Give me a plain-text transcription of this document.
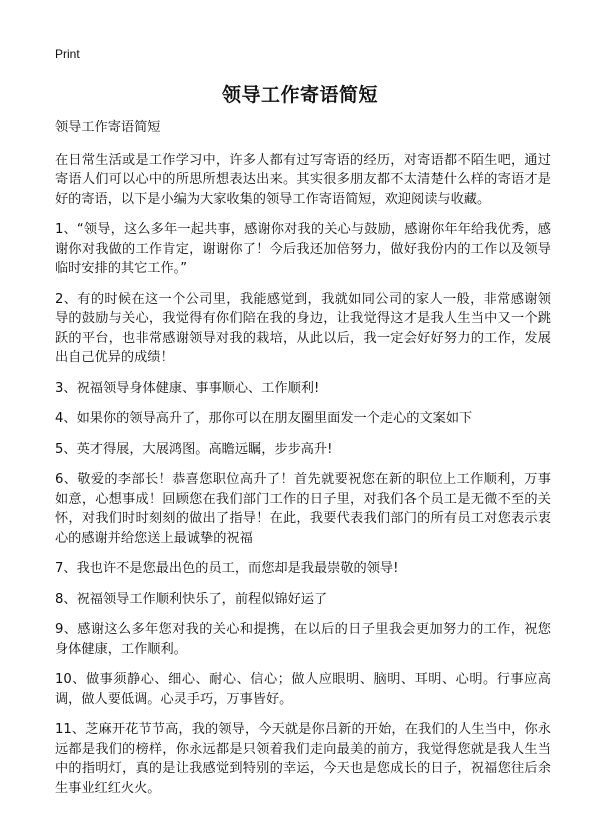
Print
领导工作寄语简短

领导工作寄语简短

在日常生活或是工作学习中，许多人都有过写寄语的经历，对寄语都不陌生吧，通过寄语人们可以心中的所思所想表达出来。其实很多朋友都不太清楚什么样的寄语才是好的寄语，以下是小编为大家收集的领导工作寄语简短，欢迎阅读与收藏。

1、“领导，这么多年一起共事，感谢你对我的关心与鼓励，感谢你年年给我优秀，感谢你对我做的工作肯定，谢谢你了！今后我还加倍努力，做好我份内的工作以及领导临时安排的其它工作。”

2、有的时候在这一个公司里，我能感觉到，我就如同公司的家人一般，非常感谢领导的鼓励与关心，我觉得有你们陪在我的身边，让我觉得这才是我人生当中又一个跳跃的平台，也非常感谢领导对我的栽培，从此以后，我一定会好好努力的工作，发展出自己优异的成绩！

3、祝福领导身体健康、事事顺心、工作顺利!

4、如果你的领导高升了，那你可以在朋友圈里面发一个走心的文案如下

5、英才得展，大展鸿图。高瞻远瞩，步步高升!

6、敬爱的李部长！恭喜您职位高升了！首先就要祝您在新的职位上工作顺利，万事如意，心想事成！回顾您在我们部门工作的日子里，对我们各个员工是无微不至的关怀，对我们时时刻刻的做出了指导！在此，我要代表我们部门的所有员工对您表示衷心的感谢并给您送上最诚挚的祝福

7、我也许不是您最出色的员工，而您却是我最崇敬的领导!

8、祝福领导工作顺利快乐了，前程似锦好运了

9、感谢这么多年您对我的关心和提携，在以后的日子里我会更加努力的工作，祝您身体健康，工作顺利。

10、做事须静心、细心、耐心、信心；做人应眼明、脑明、耳明、心明。行事应高调，做人要低调。心灵手巧，万事皆好。

11、芝麻开花节节高，我的领导，今天就是你吕新的开始，在我们的人生当中，你永远都是我们的榜样，你永远都是只领着我们走向最美的前方，我觉得您就是我人生当中的指明灯，真的是让我感觉到特别的幸运，今天也是您成长的日子，祝福您往后余生事业红红火火。
